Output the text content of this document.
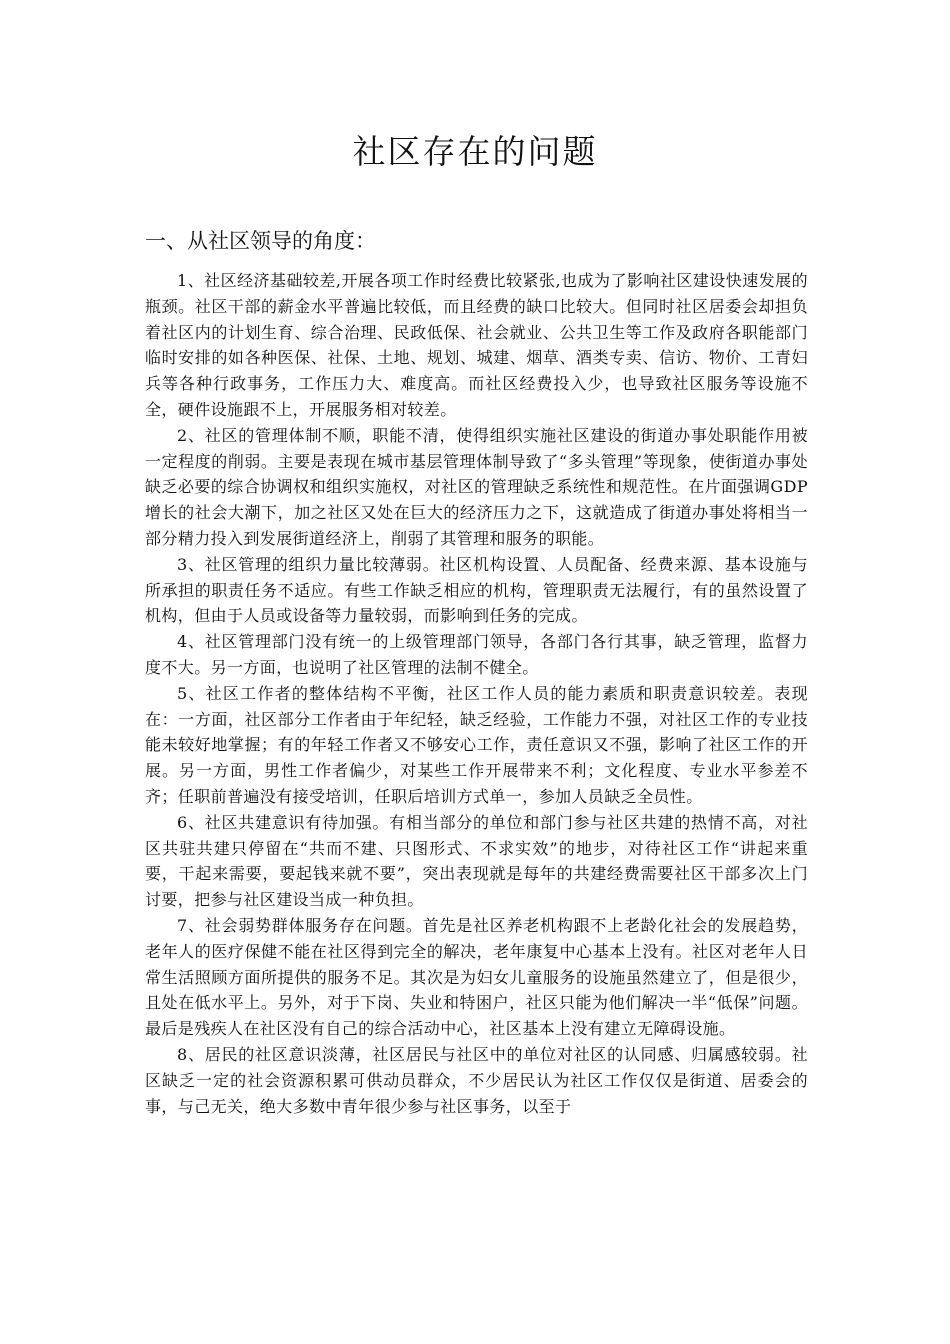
社区存在的问题
一、从社区领导的角度：

1、社区经济基础较差,开展各项工作时经费比较紧张,也成为了影响社区建设快速发展的瓶颈。社区干部的薪金水平普遍比较低，而且经费的缺口比较大。但同时社区居委会却担负着社区内的计划生育、综合治理、民政低保、社会就业、公共卫生等工作及政府各职能部门临时安排的如各种医保、社保、土地、规划、城建、烟草、酒类专卖、信访、物价、工青妇兵等各种行政事务，工作压力大、难度高。而社区经费投入少，也导致社区服务等设施不全，硬件设施跟不上，开展服务相对较差。

2、社区的管理体制不顺，职能不清，使得组织实施社区建设的街道办事处职能作用被一定程度的削弱。主要是表现在城市基层管理体制导致了“多头管理”等现象，使街道办事处缺乏必要的综合协调权和组织实施权，对社区的管理缺乏系统性和规范性。在片面强调GDP增长的社会大潮下，加之社区又处在巨大的经济压力之下，这就造成了街道办事处将相当一部分精力投入到发展街道经济上，削弱了其管理和服务的职能。

3、社区管理的组织力量比较薄弱。社区机构设置、人员配备、经费来源、基本设施与所承担的职责任务不适应。有些工作缺乏相应的机构，管理职责无法履行，有的虽然设置了机构，但由于人员或设备等力量较弱，而影响到任务的完成。

4、社区管理部门没有统一的上级管理部门领导，各部门各行其事，缺乏管理，监督力度不大。另一方面，也说明了社区管理的法制不健全。

5、社区工作者的整体结构不平衡，社区工作人员的能力素质和职责意识较差。表现在：一方面，社区部分工作者由于年纪轻，缺乏经验，工作能力不强，对社区工作的专业技能未较好地掌握；有的年轻工作者又不够安心工作，责任意识又不强，影响了社区工作的开展。另一方面，男性工作者偏少，对某些工作开展带来不利；文化程度、专业水平参差不齐；任职前普遍没有接受培训，任职后培训方式单一，参加人员缺乏全员性。

6、社区共建意识有待加强。有相当部分的单位和部门参与社区共建的热情不高，对社区共驻共建只停留在“共而不建、只图形式、不求实效”的地步，对待社区工作“讲起来重要，干起来需要，要起钱来就不要”，突出表现就是每年的共建经费需要社区干部多次上门讨要，把参与社区建设当成一种负担。

7、社会弱势群体服务存在问题。首先是社区养老机构跟不上老龄化社会的发展趋势，老年人的医疗保健不能在社区得到完全的解决，老年康复中心基本上没有。社区对老年人日常生活照顾方面所提供的服务不足。其次是为妇女儿童服务的设施虽然建立了，但是很少，且处在低水平上。另外，对于下岗、失业和特困户，社区只能为他们解决一半“低保”问题。最后是残疾人在社区没有自己的综合活动中心，社区基本上没有建立无障碍设施。

8、居民的社区意识淡薄，社区居民与社区中的单位对社区的认同感、归属感较弱。社区缺乏一定的社会资源积累可供动员群众，不少居民认为社区工作仅仅是街道、居委会的事，与己无关，绝大多数中青年很少参与社区事务，以至于
